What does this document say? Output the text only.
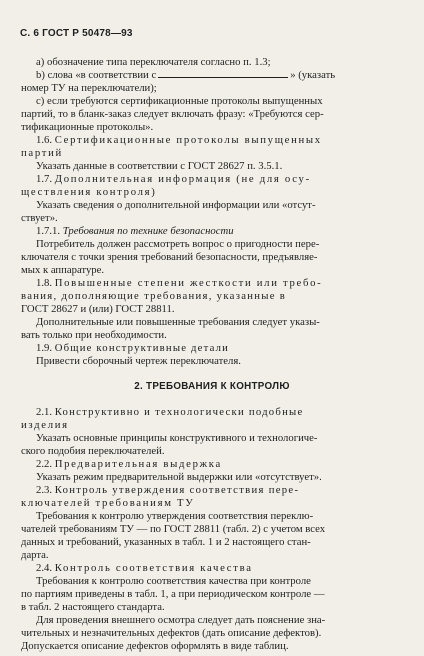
С. 6 ГОСТ Р 50478—93
а) обозначение типа переключателя согласно п. 1.3;
b) слова «в соответствии с	» (указать
номер ТУ на переключатели);
с) если требуются сертификационные протоколы выпущенных
партий, то в бланк-заказ следует включать фразу: «Требуются сер-
тификационные протоколы».
1.6. Сертификационные протоколы выпущенных
партий
Указать данные в соответствии с ГОСТ 28627 п. 3.5.1.
1.7. Дополнительная информация (не для осу-
ществления контроля)
Указать сведения о дополнительной информации или «отсут-
ствует».
1.7.1. Требования по технике безопасности
Потребитель должен рассмотреть вопрос о пригодности пере-
ключателя с точки зрения требований безопасности, предъявляе-
мых к аппаратуре.
1.8. Повышенные степени жесткости или требо-
вания, дополняющие требования, указанные в
ГОСТ 28627 и (или) ГОСТ 28811.
Дополнительные или повышенные требования следует указы-
вать только при необходимости.
1.9. Общие конструктивные детали
Привести сборочный чертеж переключателя.
2. ТРЕБОВАНИЯ К КОНТРОЛЮ
2.1. Конструктивно и технологически подобные
изделия
Указать основные принципы конструктивного и технологиче-
ского подобия переключателей.
2.2. Предварительная выдержка
Указать режим предварительной выдержки или «отсутствует».
2.3. Контроль утверждения соответствия пере-
ключателей требованиям ТУ
Требования к контролю утверждения соответствия переклю-
чателей требованиям ТУ — по ГОСТ 28811 (табл. 2) с учетом всех
данных и требований, указанных в табл. 1 и 2 настоящего стан-
дарта.
2.4. Контроль соответствия качества
Требования к контролю соответствия качества при контроле
по партиям приведены в табл. 1, а при периодическом контроле —
в табл. 2 настоящего стандарта.
Для проведения внешнего осмотра следует дать пояснение зна-
чительных и незначительных дефектов (дать описание дефектов).
Допускается описание дефектов оформлять в виде таблиц.
